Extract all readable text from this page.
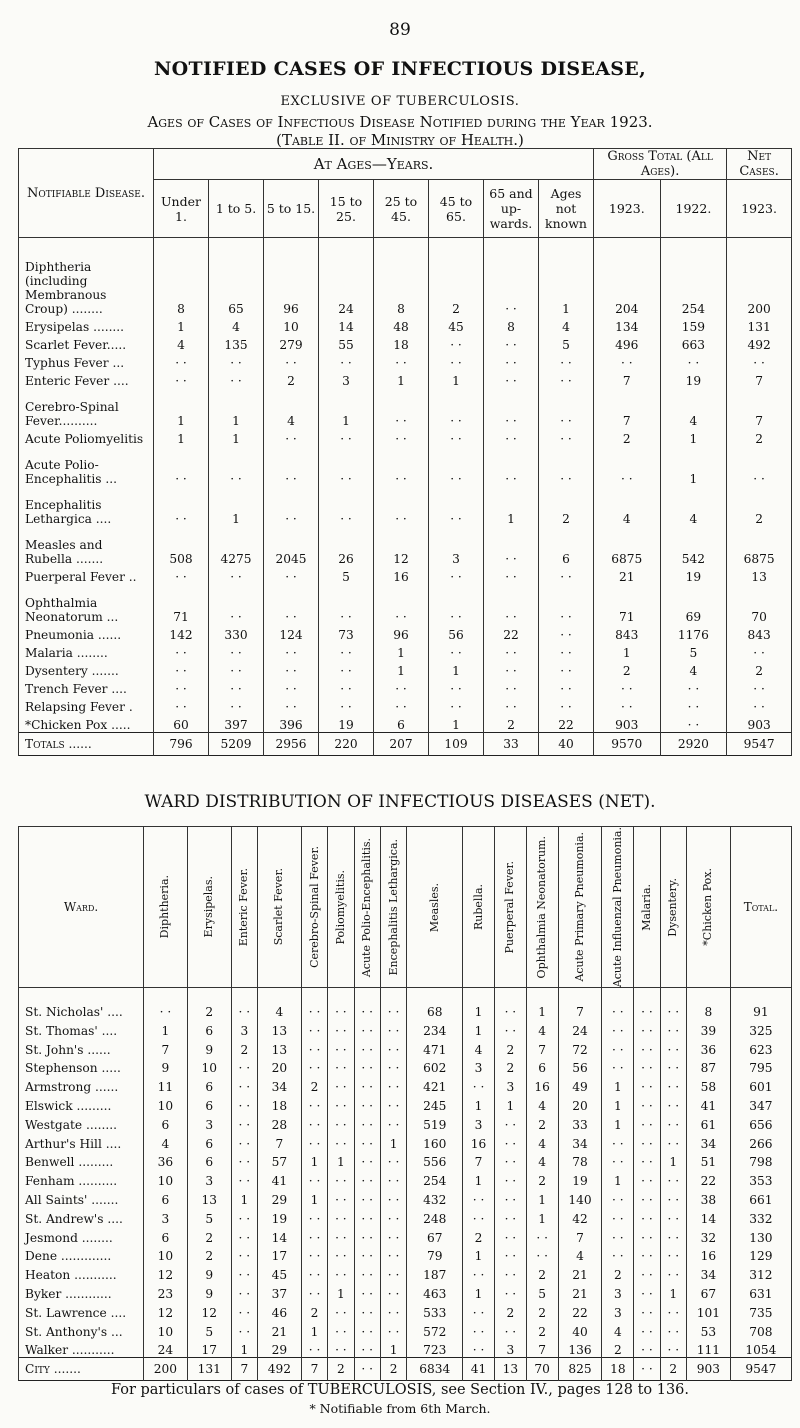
89
NOTIFIED CASES OF INFECTIOUS DISEASE,
EXCLUSIVE OF TUBERCULOSIS.
Ages of Cases of Infectious Disease Notified during the Year 1923.
(Table II. of Ministry of Health.)
Notifiable Disease.	At Ages—Years.								Gross Total (All Ages).		Net Cases.
	Under 1.	1 to 5.	5 to 15.	15 to 25.	25 to 45.	45 to 65.	65 and up-wards.	Ages not known	1923.	1922.	1923.
Diphtheria (including Membranous Croup) ........	8	65	96	24	8	2	· ·	1	204	254	200
Erysipelas ........	1	4	10	14	48	45	8	4	134	159	131
Scarlet Fever.....	4	135	279	55	18	· ·	· ·	5	496	663	492
Typhus Fever ...	· ·	· ·	· ·	· ·	· ·	· ·	· ·	· ·	· ·	· ·	· ·
Enteric Fever ....	· ·	· ·	2	3	1	1	· ·	· ·	7	19	7
Cerebro-Spinal Fever..........	1	1	4	1	· ·	· ·	· ·	· ·	7	4	7
Acute Poliomyelitis	1	1	· ·	· ·	· ·	· ·	· ·	· ·	2	1	2
Acute Polio-Encephalitis ...	· ·	· ·	· ·	· ·	· ·	· ·	· ·	· ·	· ·	1	· ·
Encephalitis Lethargica ....	· ·	1	· ·	· ·	· ·	· ·	1	2	4	4	2
Measles and Rubella .......	508	4275	2045	26	12	3	· ·	6	6875	542	6875
Puerperal Fever ..	· ·	· ·	· ·	5	16	· ·	· ·	· ·	21	19	13
Ophthalmia Neonatorum ...	71	· ·	· ·	· ·	· ·	· ·	· ·	· ·	71	69	70
Pneumonia ......	142	330	124	73	96	56	22	· ·	843	1176	843
Malaria ........	· ·	· ·	· ·	· ·	1	· ·	· ·	· ·	1	5	· ·
Dysentery .......	· ·	· ·	· ·	· ·	1	1	· ·	· ·	2	4	2
Trench Fever ....	· ·	· ·	· ·	· ·	· ·	· ·	· ·	· ·	· ·	· ·	· ·
Relapsing Fever .	· ·	· ·	· ·	· ·	· ·	· ·	· ·	· ·	· ·	· ·	· ·
*Chicken Pox .....	60	397	396	19	6	1	2	22	903	· ·	903
Totals ......	796	5209	2956	220	207	109	33	40	9570	2920	9547
WARD DISTRIBUTION OF INFECTIOUS DISEASES (NET).
Ward.	Diphtheria.	Erysipelas.	Enteric Fever.	Scarlet Fever.	Cerebro-Spinal Fever.	Poliomyelitis.	Acute Polio-Encephalitis.	Encephalitis Lethargica.	Measles.	Rubella.	Puerperal Fever.	Ophthalmia Neonatorum.	Acute Primary Pneumonia.	Acute Influenzal Pneumonia.	Malaria.	Dysentery.	*Chicken Pox.	Total.
St. Nicholas' ....	· ·	2	· ·	4	· ·	· ·	· ·	· ·	68	1	· ·	1	7	· ·	· ·	· ·	8	91
St. Thomas' ....	1	6	3	13	· ·	· ·	· ·	· ·	234	1	· ·	4	24	· ·	· ·	· ·	39	325
St. John's ......	7	9	2	13	· ·	· ·	· ·	· ·	471	4	2	7	72	· ·	· ·	· ·	36	623
Stephenson .....	9	10	· ·	20	· ·	· ·	· ·	· ·	602	3	2	6	56	· ·	· ·	· ·	87	795
Armstrong ......	11	6	· ·	34	2	· ·	· ·	· ·	421	· ·	3	16	49	1	· ·	· ·	58	601
Elswick .........	10	6	· ·	18	· ·	· ·	· ·	· ·	245	1	1	4	20	1	· ·	· ·	41	347
Westgate ........	6	3	· ·	28	· ·	· ·	· ·	· ·	519	3	· ·	2	33	1	· ·	· ·	61	656
Arthur's Hill ....	4	6	· ·	7	· ·	· ·	· ·	1	160	16	· ·	4	34	· ·	· ·	· ·	34	266
Benwell .........	36	6	· ·	57	1	1	· ·	· ·	556	7	· ·	4	78	· ·	· ·	1	51	798
Fenham ..........	10	3	· ·	41	· ·	· ·	· ·	· ·	254	1	· ·	2	19	1	· ·	· ·	22	353
All Saints' .......	6	13	1	29	1	· ·	· ·	· ·	432	· ·	· ·	1	140	· ·	· ·	· ·	38	661
St. Andrew's ....	3	5	· ·	19	· ·	· ·	· ·	· ·	248	· ·	· ·	1	42	· ·	· ·	· ·	14	332
Jesmond ........	6	2	· ·	14	· ·	· ·	· ·	· ·	67	2	· ·	· ·	7	· ·	· ·	· ·	32	130
Dene .............	10	2	· ·	17	· ·	· ·	· ·	· ·	79	1	· ·	· ·	4	· ·	· ·	· ·	16	129
Heaton ...........	12	9	· ·	45	· ·	· ·	· ·	· ·	187	· ·	· ·	2	21	2	· ·	· ·	34	312
Byker ............	23	9	· ·	37	· ·	1	· ·	· ·	463	1	· ·	5	21	3	· ·	1	67	631
St. Lawrence ....	12	12	· ·	46	2	· ·	· ·	· ·	533	· ·	2	2	22	3	· ·	· ·	101	735
St. Anthony's ...	10	5	· ·	21	1	· ·	· ·	· ·	572	· ·	· ·	2	40	4	· ·	· ·	53	708
Walker ...........	24	17	1	29	· ·	· ·	· ·	1	723	· ·	3	7	136	2	· ·	· ·	111	1054
City .......	200	131	7	492	7	2	· ·	2	6834	41	13	70	825	18	· ·	2	903	9547
For particulars of cases of TUBERCULOSIS, see Section IV., pages 128 to 136.
* Notifiable from 6th March.
